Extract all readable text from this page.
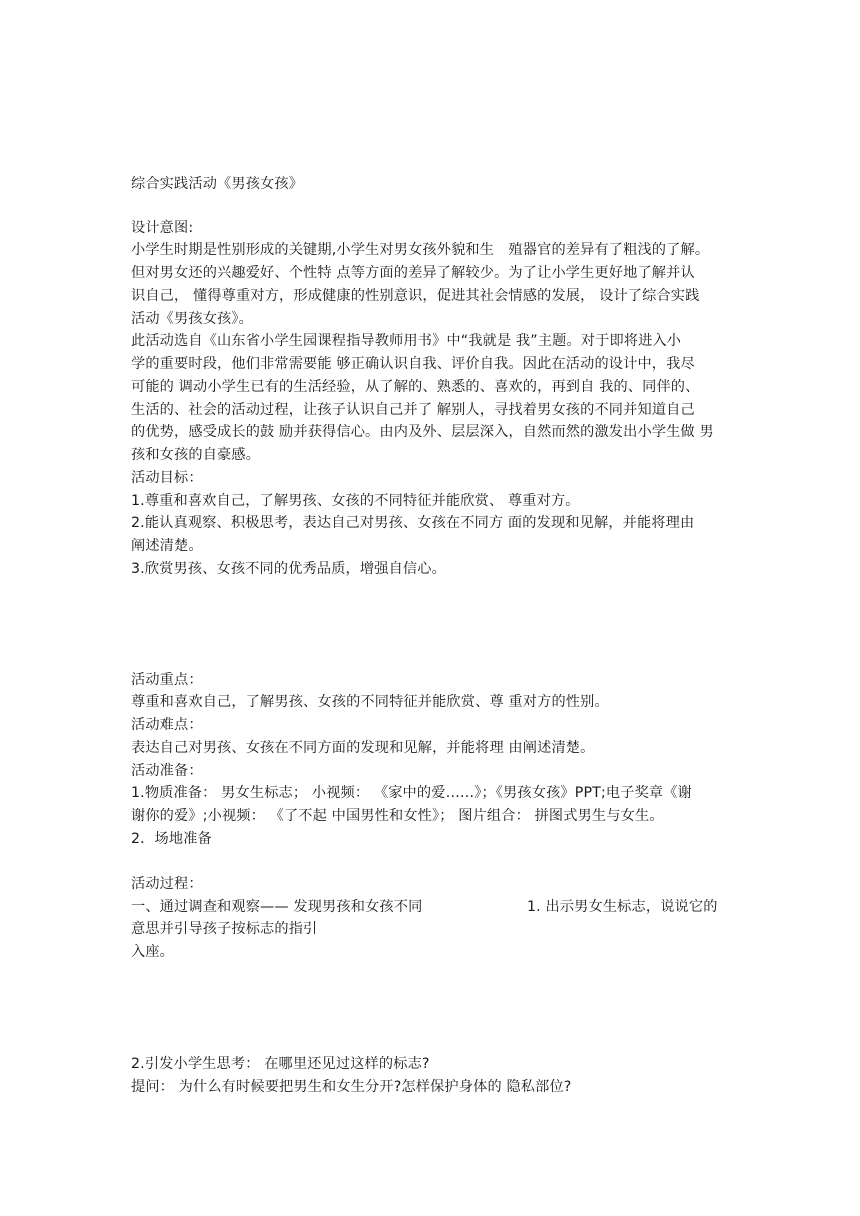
综合实践活动《男孩女孩》
设计意图:
小学生时期是性别形成的关键期,小学生对男女孩外貌和生　殖器官的差异有了粗浅的了解。
但对男女还的兴趣爱好、个性特 点等方面的差异了解较少。为了让小学生更好地了解并认
识自己， 懂得尊重对方，形成健康的性别意识，促进其社会情感的发展， 设计了综合实践
活动《男孩女孩》。
此活动选自《山东省小学生园课程指导教师用书》中“我就是 我”主题。对于即将进入小
学的重要时段，他们非常需要能 够正确认识自我、评价自我。因此在活动的设计中，我尽
可能的 调动小学生已有的生活经验，从了解的、熟悉的、喜欢的，再到自 我的、同伴的、
生活的、社会的活动过程，让孩子认识自己并了 解别人，寻找着男女孩的不同并知道自己
的优势，感受成长的鼓 励并获得信心。由内及外、层层深入，自然而然的激发出小学生做 男
孩和女孩的自豪感。
活动目标：
1.尊重和喜欢自己，了解男孩、女孩的不同特征并能欣赏、 尊重对方。
2.能认真观察、积极思考，表达自己对男孩、女孩在不同方 面的发现和见解，并能将理由
阐述清楚。
3.欣赏男孩、女孩不同的优秀品质，增强自信心。
活动重点：
尊重和喜欢自己，了解男孩、女孩的不同特征并能欣赏、尊 重对方的性别。
活动难点：
表达自己对男孩、女孩在不同方面的发现和见解，并能将理 由阐述清楚。
活动准备：
1.物质准备： 男女生标志； 小视频： 《家中的爱……》；《男孩女孩》PPT;电子奖章《谢
谢你的爱》;小视频： 《了不起 中国男性和女性》； 图片组合： 拼图式男生与女生。
2．场地准备
活动过程：
一、通过调查和观察—— 发现男孩和女孩不同	1. 出示男女生标志，说说它的
意思并引导孩子按标志的指引
入座。
2.引发小学生思考： 在哪里还见过这样的标志?
提问： 为什么有时候要把男生和女生分开?怎样保护身体的 隐私部位?
